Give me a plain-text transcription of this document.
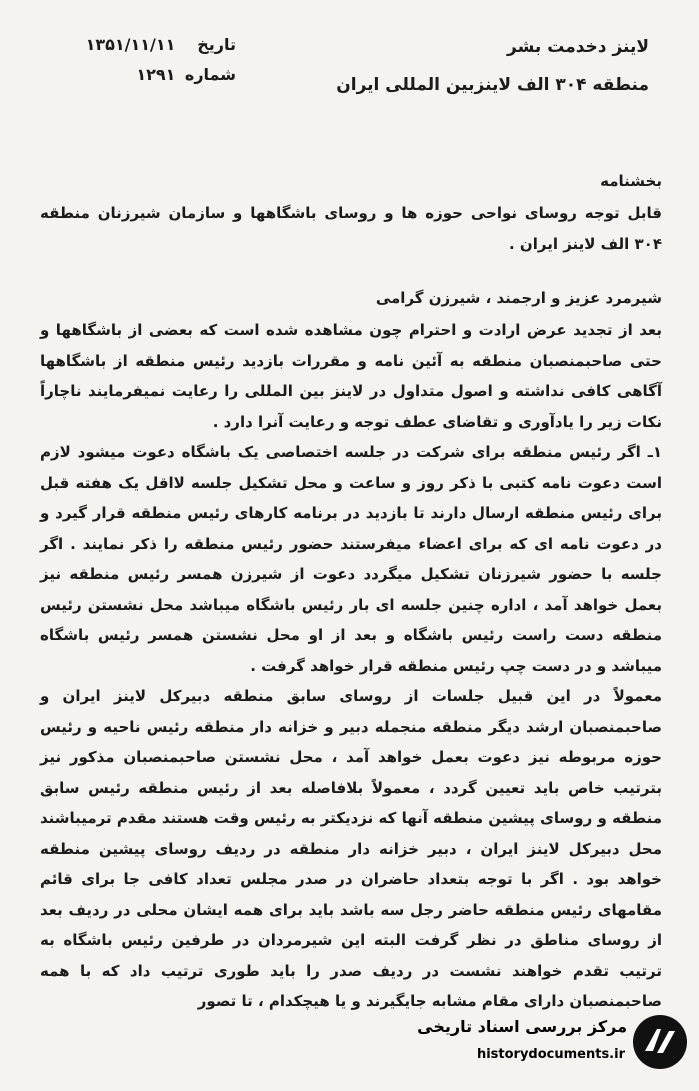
لاینز دخدمت بشر
منطقه ۳۰۴ الف لاینزبین المللی ایران
تاریخ ۱۳۵۱/۱۱/۱۱
شماره ۱۲۹۱

بخشنامه

قابل توجه روسای نواحی حوزه ها و روسای باشگاهها و سازمان شیرزنان منطقه ۳۰۴ الف لاینز ایران .

شیرمرد عزیز و ارجمند ، شیرزن گرامی

بعد از تجدید عرض ارادت و احترام چون مشاهده شده است که بعضی از باشگاهها و حتی صاحبمنصبان منطقه به آئین نامه و مقررات بازدید رئیس منطقه از باشگاهها آگاهی کافی نداشته و اصول متداول در لاینز بین المللی را رعایت نمیفرمایند ناچاراً نکات زیر را یادآوری و تقاضای عطف توجه و رعایت آنرا دارد .

۱ـ اگر رئیس منطقه برای شرکت در جلسه اختصاصی یک باشگاه دعوت میشود لازم است دعوت نامه کتبی با ذکر روز و ساعت و محل تشکیل جلسه لااقل یک هفته قبل برای رئیس منطقه ارسال دارند تا بازدید در برنامه کارهای رئیس منطقه قرار گیرد و در دعوت نامه ای که برای اعضاء میفرستند حضور رئیس منطقه را ذکر نمایند . اگر جلسه با حضور شیرزنان تشکیل میگردد دعوت از شیرزن همسر رئیس منطقه نیز بعمل خواهد آمد ، اداره چنین جلسه ای بار رئیس باشگاه میباشد محل نشستن رئیس منطقه دست راست رئیس باشگاه و بعد از او محل نشستن همسر رئیس باشگاه میباشد و در دست چپ رئیس منطقه قرار خواهد گرفت .

معمولاً در این قبیل جلسات از روسای سابق منطقه دبیرکل لاینز ایران و صاحبمنصبان ارشد دیگر منطقه منجمله دبیر و خزانه دار منطقه رئیس ناحیه و رئیس حوزه مربوطه نیز دعوت بعمل خواهد آمد ، محل نشستن صاحبمنصبان مذکور نیز بترتیب خاص باید تعیین گردد ، معمولاً بلافاصله بعد از رئیس منطقه رئیس سابق منطقه و روسای پیشین منطقه آنها که نزدیکتر به رئیس وقت هستند مقدم ترمیباشند محل دبیرکل لاینز ایران ، دبیر خزانه دار منطقه در ردیف روسای پیشین منطقه خواهد بود . اگر با توجه بتعداد حاضران در صدر مجلس تعداد کافی جا برای قائم مقامهای رئیس منطقه حاضر رجل سه باشد باید برای همه ایشان محلی در ردیف بعد از روسای مناطق در نظر گرفت البته این شیرمردان در طرفین رئیس باشگاه به ترتیب تقدم خواهند نشست در ردیف صدر را باید طوری ترتیب داد که با همه صاحبمنصبان دارای مقام مشابه جایگیرند و یا هیچکدام ، تا تصور

مرکز بررسی اسناد تاریخی
historydocuments.ir
